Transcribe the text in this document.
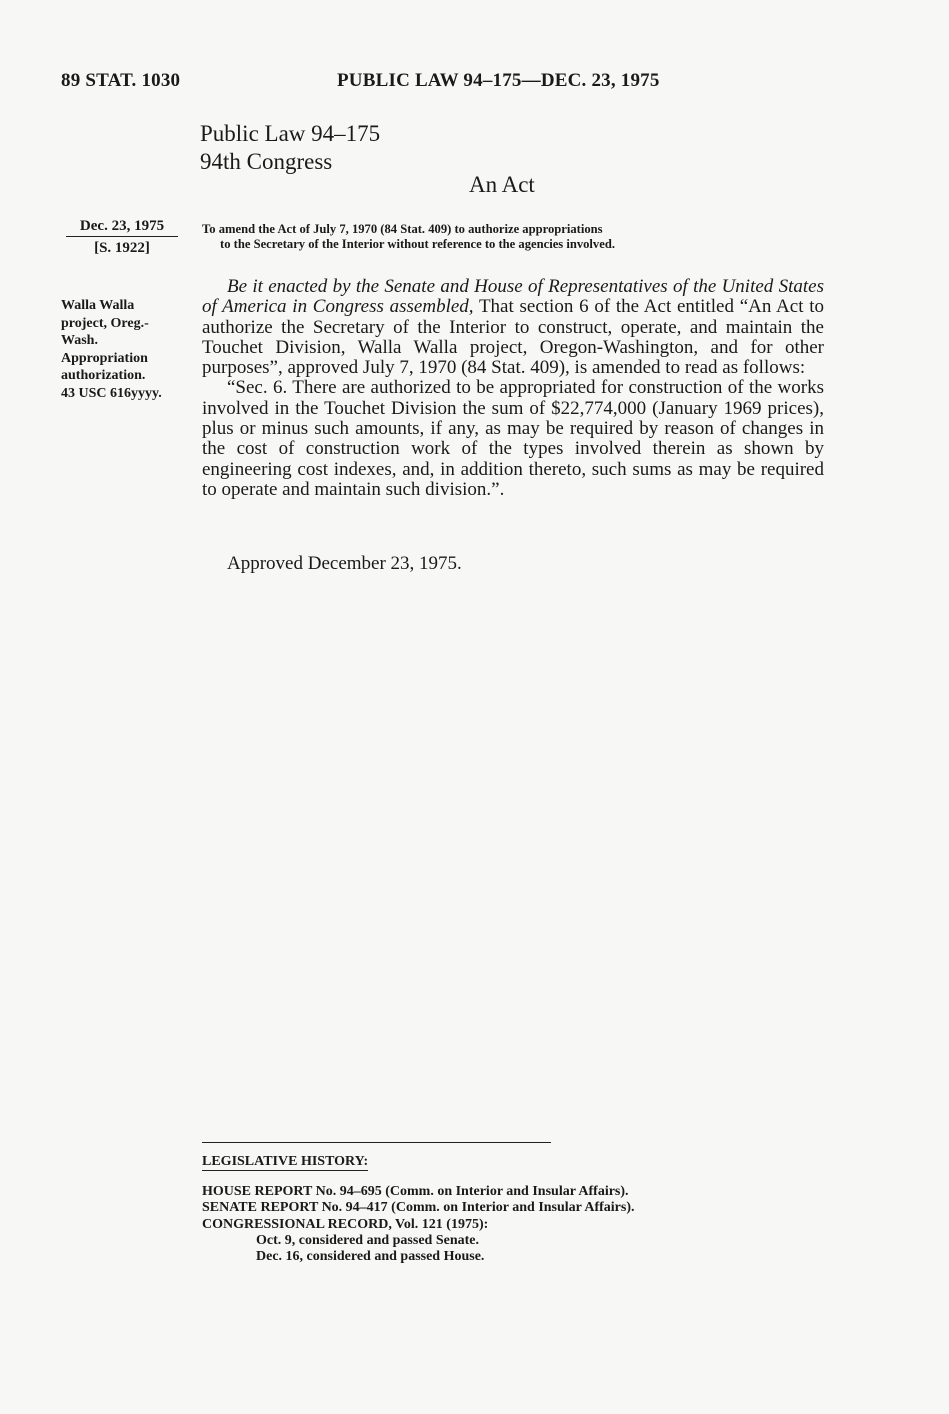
89 STAT. 1030	PUBLIC LAW 94–175—DEC. 23, 1975
Public Law 94–175
94th Congress
An Act
Dec. 23, 1975
[S. 1922]
To amend the Act of July 7, 1970 (84 Stat. 409) to authorize appropriations
to the Secretary of the Interior without reference to the agencies involved.
Walla Walla
project, Oreg.-
Wash.
Appropriation
authorization.
43 USC 616yyyy.

Be it enacted by the Senate and House of Representatives of the United States of America in Congress assembled, That section 6 of the Act entitled “An Act to authorize the Secretary of the Interior to construct, operate, and maintain the Touchet Division, Walla Walla project, Oregon-Washington, and for other purposes”, approved July 7, 1970 (84 Stat. 409), is amended to read as follows:

“Sec. 6. There are authorized to be appropriated for construction of the works involved in the Touchet Division the sum of $22,774,000 (January 1969 prices), plus or minus such amounts, if any, as may be required by reason of changes in the cost of construction work of the types involved therein as shown by engineering cost indexes, and, in addition thereto, such sums as may be required to operate and maintain such division.”.

Approved December 23, 1975.
LEGISLATIVE HISTORY:
HOUSE REPORT No. 94–695 (Comm. on Interior and Insular Affairs).
SENATE REPORT No. 94–417 (Comm. on Interior and Insular Affairs).
CONGRESSIONAL RECORD, Vol. 121 (1975):
Oct. 9, considered and passed Senate.
Dec. 16, considered and passed House.
